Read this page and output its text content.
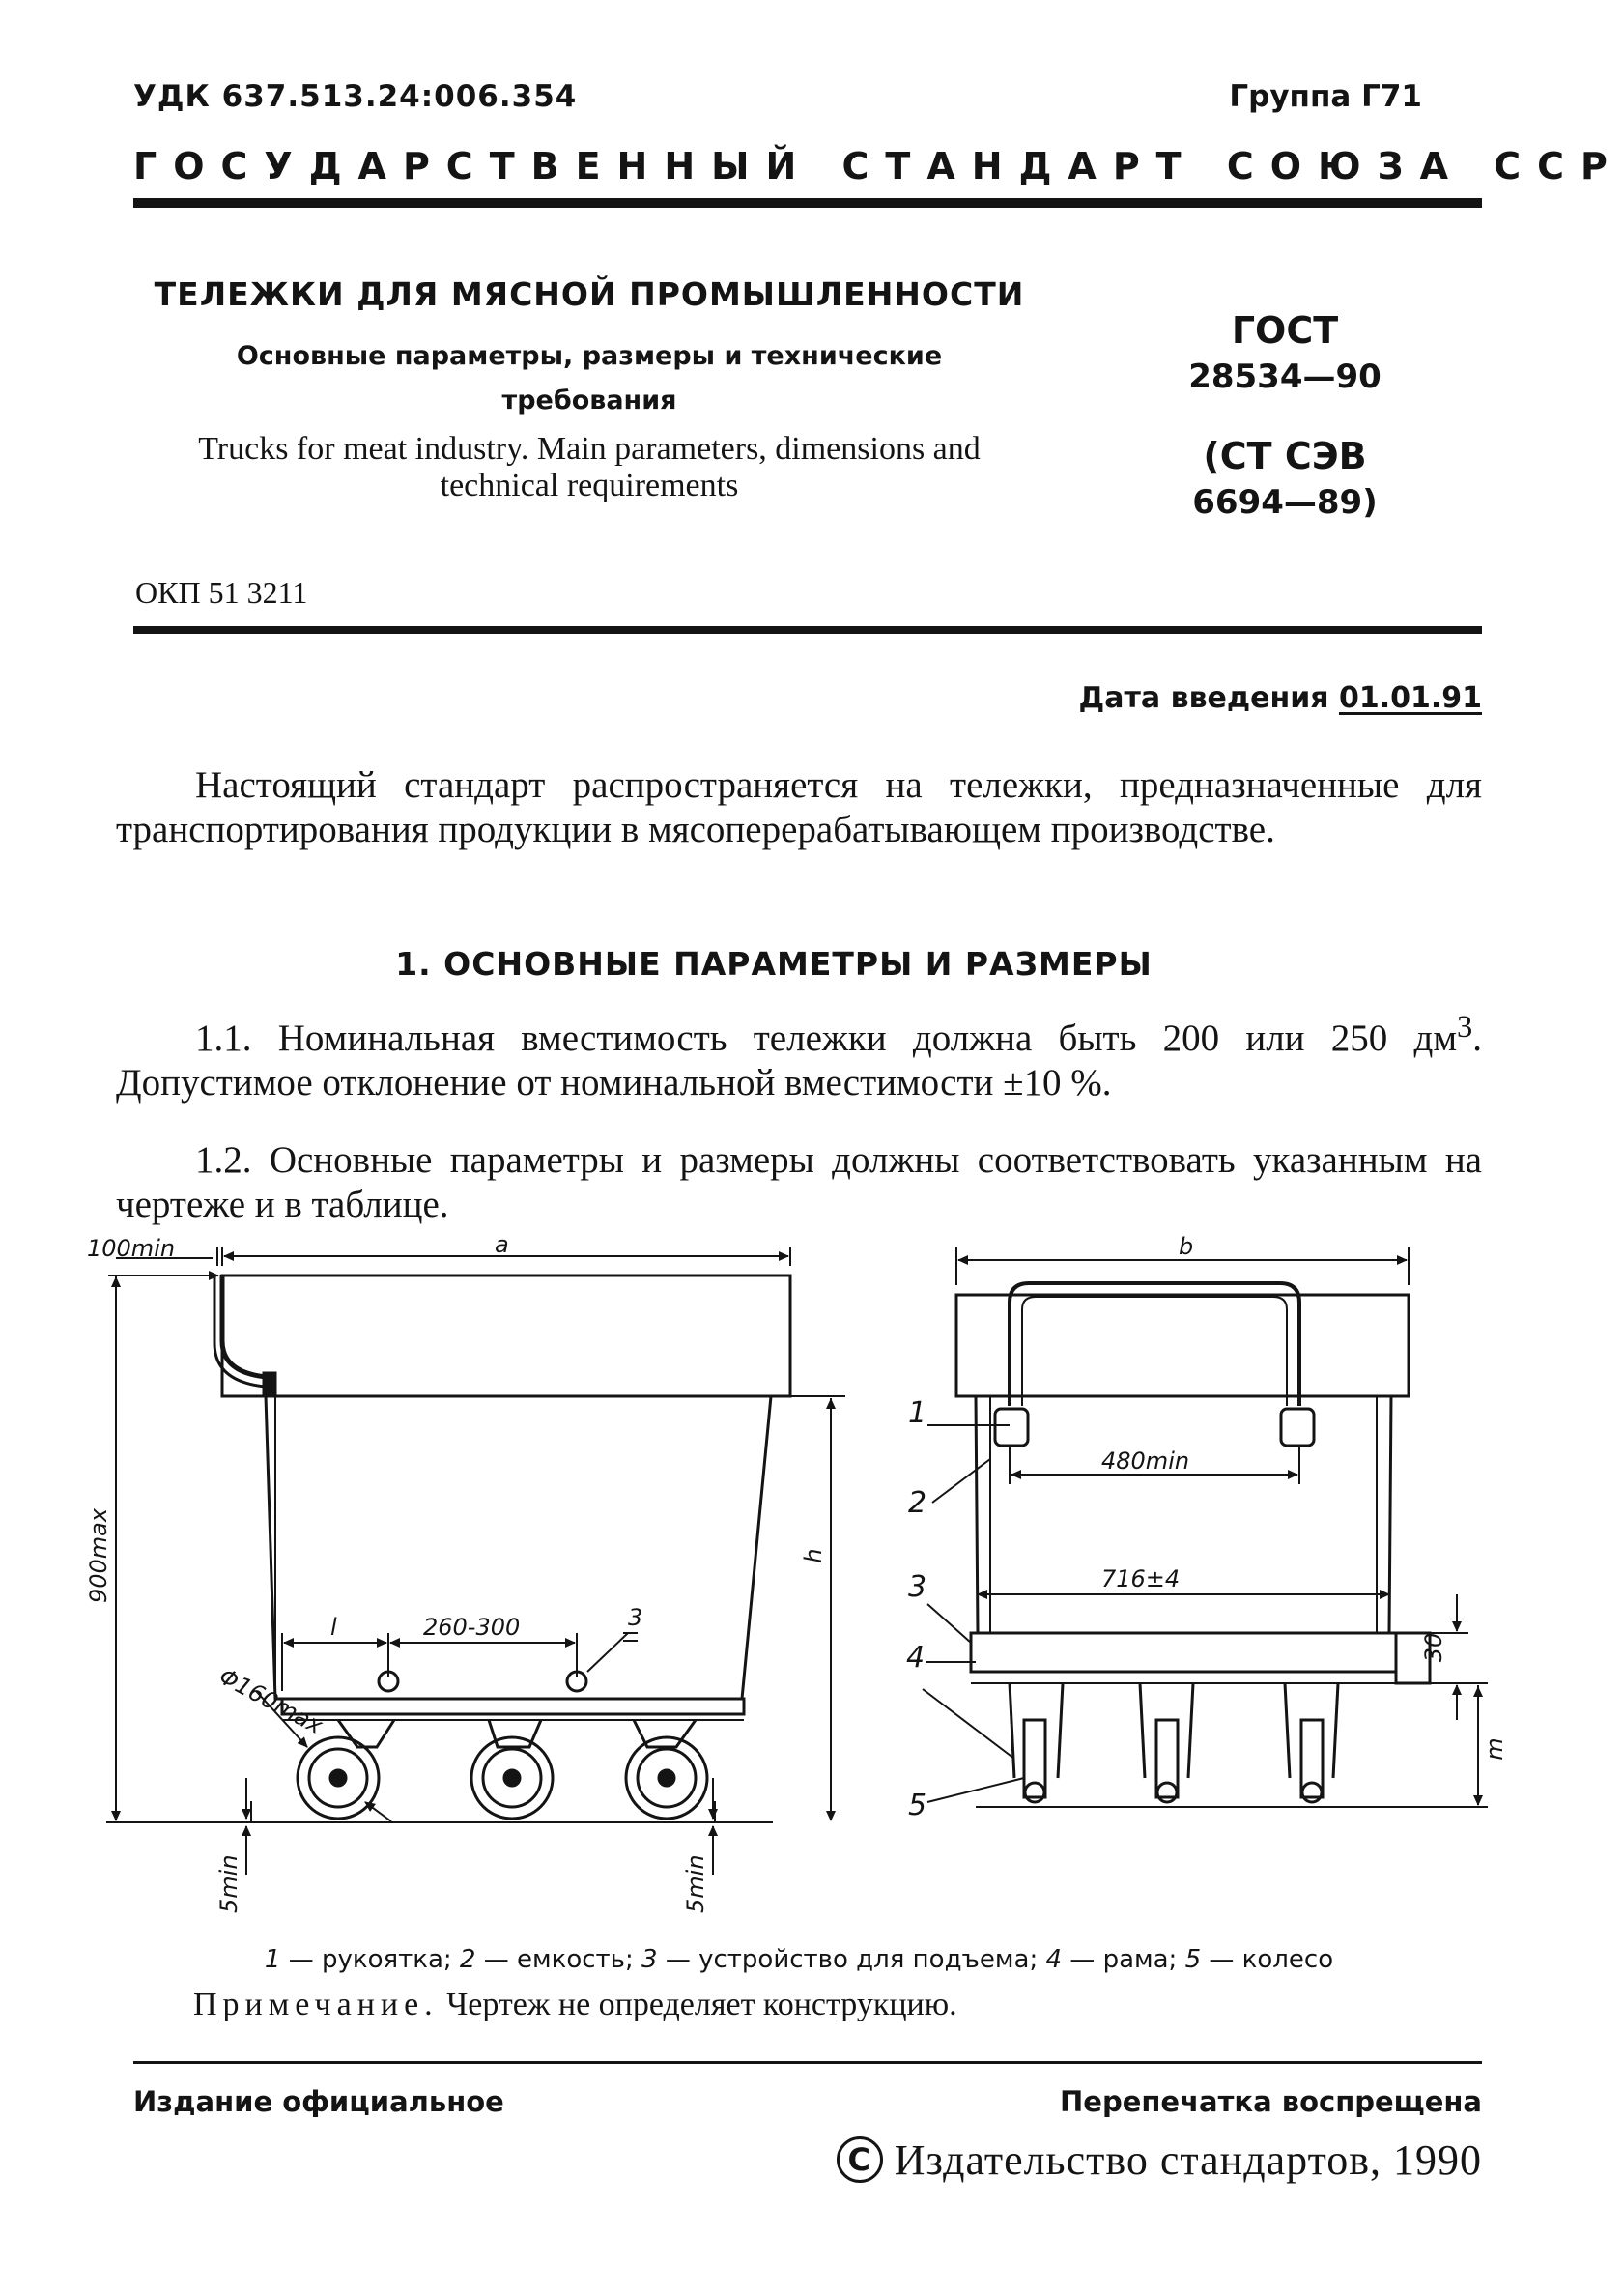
УДК 637.513.24:006.354	Группа Г71
ГОСУДАРСТВЕННЫЙ СТАНДАРТ СОЮЗА ССР
ТЕЛЕЖКИ ДЛЯ МЯСНОЙ ПРОМЫШЛЕННОСТИ
Основные параметры, размеры и технические требования
Trucks for meat industry. Main parameters, dimensions and technical requirements
ГОСТ
28534—90
(СТ СЭВ
6694—89)
ОКП 51 3211
Дата введения 01.01.91
Настоящий стандарт распространяется на тележки, предназначенные для транспортирования продукции в мясоперерабатывающем производстве.
1. ОСНОВНЫЕ ПАРАМЕТРЫ И РАЗМЕРЫ
1.1. Номинальная вместимость тележки должна быть 200 или 250 $дм^3$. Допустимое отклонение от номинальной вместимости ±10 %.
1.2. Основные параметры и размеры должны соответствовать указанным на чертеже и в таблице.
100min	a
900max	h
l	260-300
Φ160max
5min	5min
3
b
480min
716±4
30
m
1
2
3
4
5
1 — рукоятка; 2 — емкость; 3 — устройство для подъема; 4 — рама; 5 — колесо
Примечание. Чертеж не определяет конструкцию.
Издание официальное	Перепечатка воспрещена
C Издательство стандартов, 1990
